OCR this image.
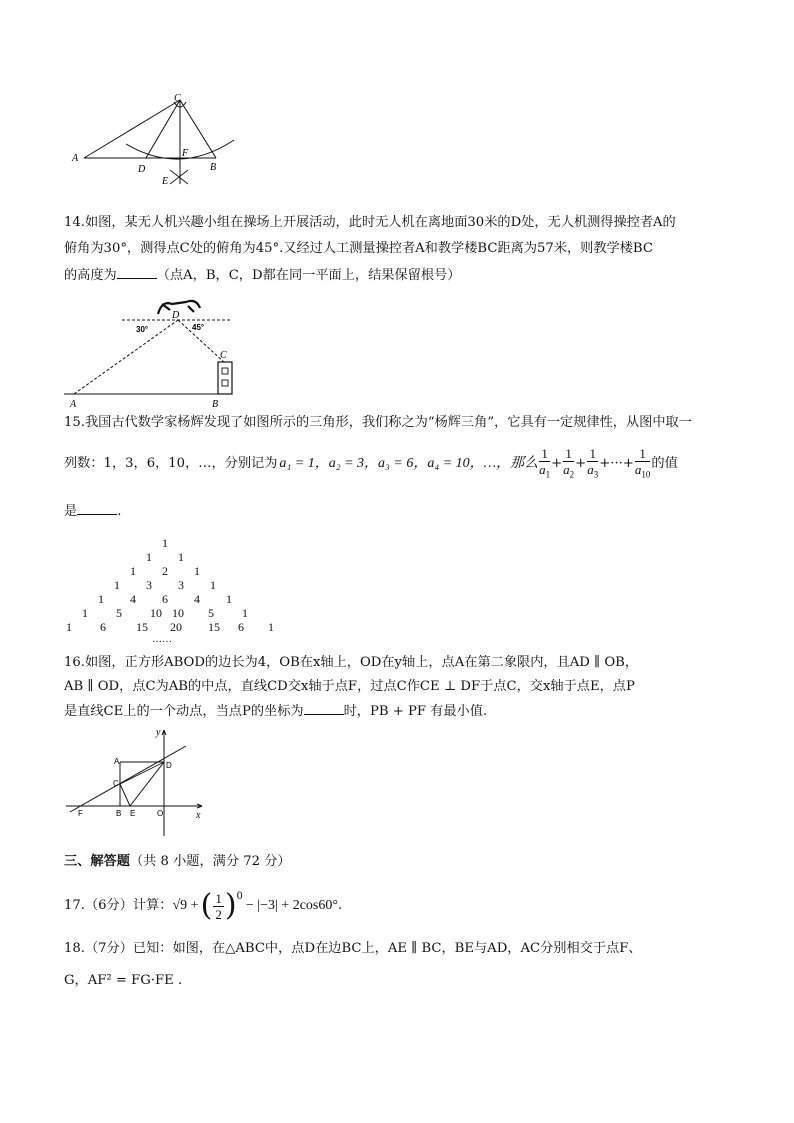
C
A
D
F
B
E
14.如图，某无人机兴趣小组在操场上开展活动，此时无人机在离地面30米的D处，无人机测得操控者A的
俯角为30°，测得点C处的俯角为45°.又经过人工测量操控者A和教学楼BC距离为57米，则教学楼BC
的高度为	（点A，B，C，D都在同一平面上，结果保留根号）
30°	45°
D
C
A	B
15.我国古代数学家杨辉发现了如图所示的三角形，我们称之为“杨辉三角”，它具有一定规律性，从图中取一
列数：1，3，6，10，…，分别记为 a₁ = 1，a₂ = 3，a₃ = 6，a₄ = 10，…，那么 $\frac{1}{a_1} + \frac{1}{a_2} + \frac{1}{a_3}$ +···+ $\frac{1}{a_{10}}$ 的值
是	.
1
1 1
1 2 1
1 3 3 1
1 4 6 4 1
1 5 10 10 5 1
1 6	15 20 15 6 1
……
16.如图，正方形ABOD的边长为4，OB在x轴上，OD在y轴上，点A在第二象限内，且AD ∥ OB，
AB ∥ OD，点C为AB的中点，直线CD交x轴于点F，过点C作CE ⊥ DF于点C，交x轴于点E，点P
是直线CE上的一个动点，当点P的坐标为	时，PB + PF 有最小值.
y
x
A
C
D
F	B E	O
三、解答题（共 8 小题，满分 72 分）
17.（6分）计算： √9 + ( $\frac{1}{2} )^0$
− |−3| + 2cos60° .
18.（7分）已知：如图，在△ABC中，点D在边BC上，AE ∥ BC，BE与AD，AC分别相交于点F、
G，AF² = FG·FE .
